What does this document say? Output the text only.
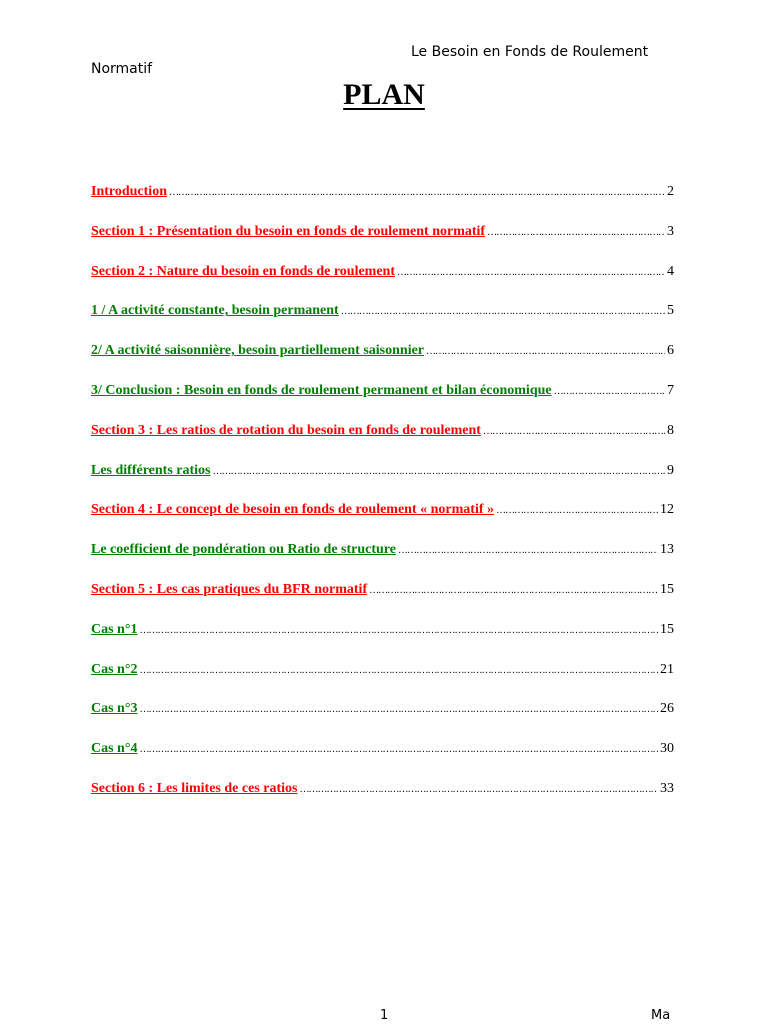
Le Besoin en Fonds de Roulement
Normatif
PLAN
Introduction …………………………………………………………………………………………………………………………………………………………………………………………………………………	2
Section 1 : Présentation du besoin en fonds de roulement normatif …………………………………………………………………………………………………………………………………………………………………………………………………………………	3
Section 2 : Nature du besoin en fonds de roulement …………………………………………………………………………………………………………………………………………………………………………………………………………………	4
1 / A activité constante, besoin permanent …………………………………………………………………………………………………………………………………………………………………………………………………………………	5
2/ A activité saisonnière, besoin partiellement saisonnier …………………………………………………………………………………………………………………………………………………………………………………………………………………	6
3/ Conclusion : Besoin en fonds de roulement permanent et bilan économique …………………………………………………………………………………………………………………………………………………………………………………………………………………	7
Section 3 : Les ratios de rotation du besoin en fonds de roulement …………………………………………………………………………………………………………………………………………………………………………………………………………………	8
Les différents ratios …………………………………………………………………………………………………………………………………………………………………………………………………………………	9
Section 4 : Le concept de besoin en fonds de roulement « normatif » …………………………………………………………………………………………………………………………………………………………………………………………………………………	12
Le coefficient de pondération ou Ratio de structure …………………………………………………………………………………………………………………………………………………………………………………………………………………	13
Section 5 : Les cas pratiques du BFR normatif …………………………………………………………………………………………………………………………………………………………………………………………………………………	15
Cas n°1 …………………………………………………………………………………………………………………………………………………………………………………………………………………	15
Cas n°2 …………………………………………………………………………………………………………………………………………………………………………………………………………………	21
Cas n°3 …………………………………………………………………………………………………………………………………………………………………………………………………………………	26
Cas n°4 …………………………………………………………………………………………………………………………………………………………………………………………………………………	30
Section 6 : Les limites de ces ratios …………………………………………………………………………………………………………………………………………………………………………………………………………………	33
1	Ma
